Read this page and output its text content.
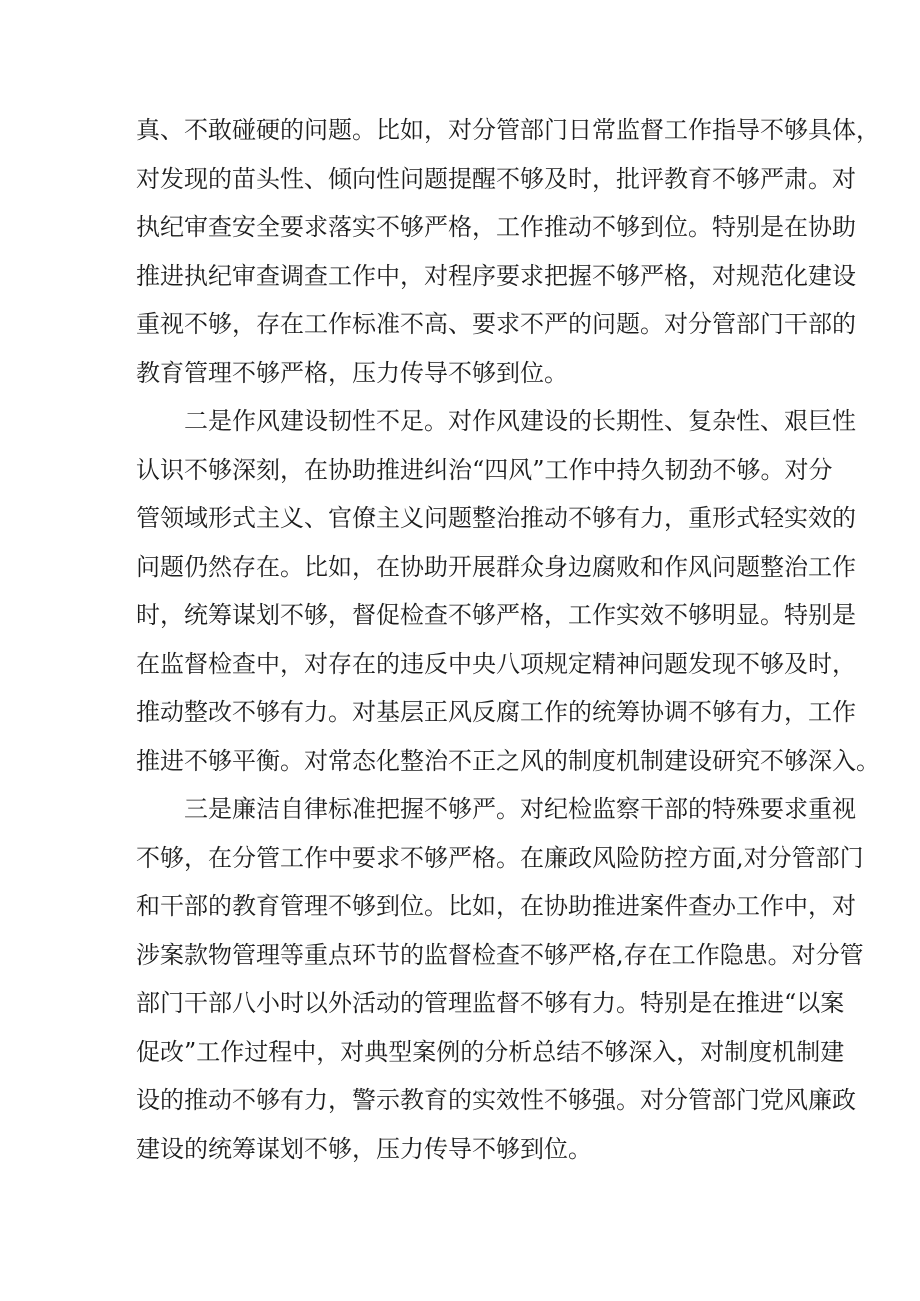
真、不敢碰硬的问题。比如，对分管部门日常监督工作指导不够具体，
对发现的苗头性、倾向性问题提醒不够及时，批评教育不够严肃。对
执纪审查安全要求落实不够严格，工作推动不够到位。特别是在协助
推进执纪审查调查工作中，对程序要求把握不够严格，对规范化建设
重视不够，存在工作标准不高、要求不严的问题。对分管部门干部的
教育管理不够严格，压力传导不够到位。
　　二是作风建设韧性不足。对作风建设的长期性、复杂性、艰巨性
认识不够深刻，在协助推进纠治“四风”工作中持久韧劲不够。对分
管领域形式主义、官僚主义问题整治推动不够有力，重形式轻实效的
问题仍然存在。比如，在协助开展群众身边腐败和作风问题整治工作
时，统筹谋划不够，督促检查不够严格，工作实效不够明显。特别是
在监督检查中，对存在的违反中央八项规定精神问题发现不够及时，
推动整改不够有力。对基层正风反腐工作的统筹协调不够有力，工作
推进不够平衡。对常态化整治不正之风的制度机制建设研究不够深入。
　　三是廉洁自律标准把握不够严。对纪检监察干部的特殊要求重视
不够，在分管工作中要求不够严格。在廉政风险防控方面,对分管部门
和干部的教育管理不够到位。比如，在协助推进案件查办工作中，对
涉案款物管理等重点环节的监督检查不够严格,存在工作隐患。对分管
部门干部八小时以外活动的管理监督不够有力。特别是在推进“以案
促改”工作过程中，对典型案例的分析总结不够深入，对制度机制建
设的推动不够有力，警示教育的实效性不够强。对分管部门党风廉政
建设的统筹谋划不够，压力传导不够到位。
